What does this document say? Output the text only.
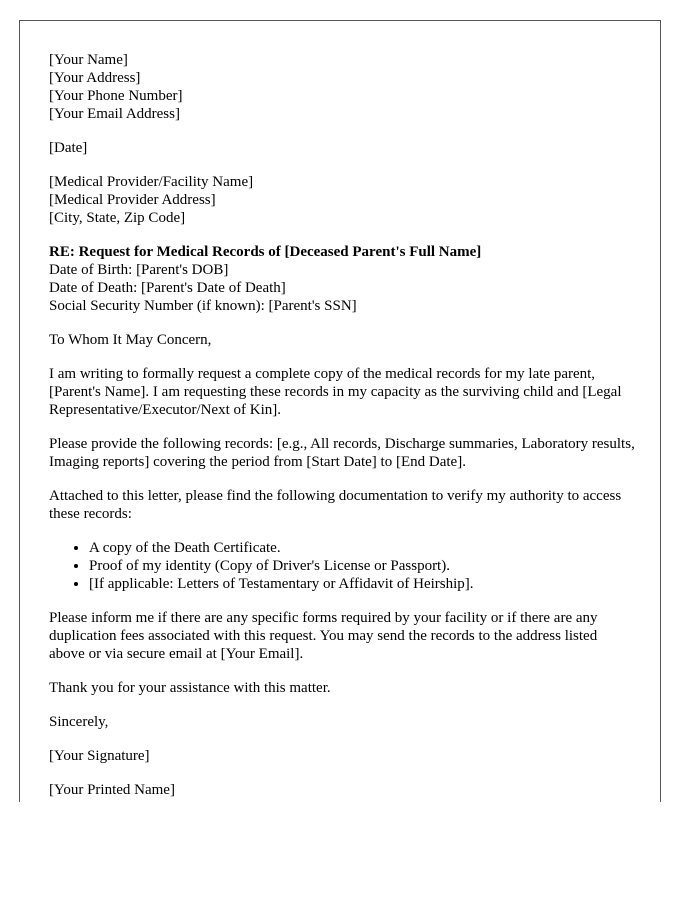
[Your Name]
[Your Address]
[Your Phone Number]
[Your Email Address]
[Date]
[Medical Provider/Facility Name]
[Medical Provider Address]
[City, State, Zip Code]
RE: Request for Medical Records of [Deceased Parent's Full Name]
Date of Birth: [Parent's DOB]
Date of Death: [Parent's Date of Death]
Social Security Number (if known): [Parent's SSN]

To Whom It May Concern,

I am writing to formally request a complete copy of the medical records for my late parent, [Parent's Name]. I am requesting these records in my capacity as the surviving child and [Legal Representative/Executor/Next of Kin].

Please provide the following records: [e.g., All records, Discharge summaries, Laboratory results, Imaging reports] covering the period from [Start Date] to [End Date].

Attached to this letter, please find the following documentation to verify my authority to access these records:

• A copy of the Death Certificate.
• Proof of my identity (Copy of Driver's License or Passport).
• [If applicable: Letters of Testamentary or Affidavit of Heirship].

Please inform me if there are any specific forms required by your facility or if there are any duplication fees associated with this request. You may send the records to the address listed above or via secure email at [Your Email].

Thank you for your assistance with this matter.

Sincerely,

[Your Signature]

[Your Printed Name]
